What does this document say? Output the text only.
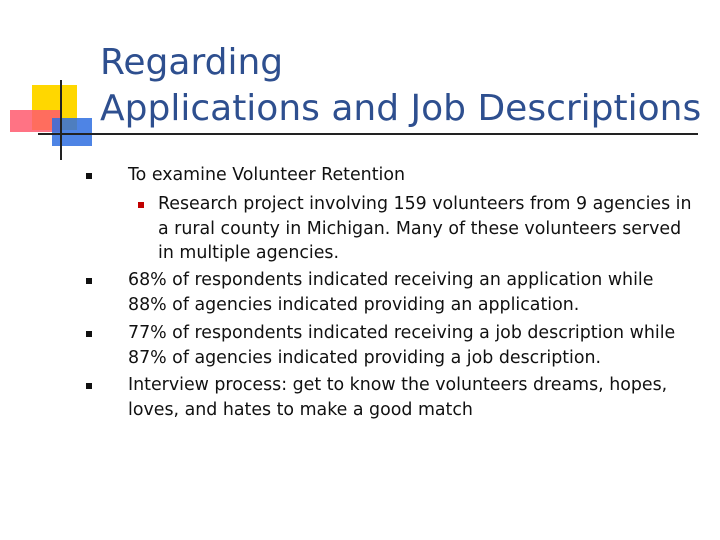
Regarding
Applications and Job Descriptions
To examine Volunteer Retention
Research project involving 159 volunteers from 9 agencies in
a rural county in Michigan. Many of these volunteers served
in multiple agencies.
68% of respondents indicated receiving an application while
88% of agencies indicated providing an application.
77% of respondents indicated receiving a job description while
87% of agencies indicated providing a job description.
Interview process: get to know the volunteers dreams, hopes,
loves, and hates to make a good match
